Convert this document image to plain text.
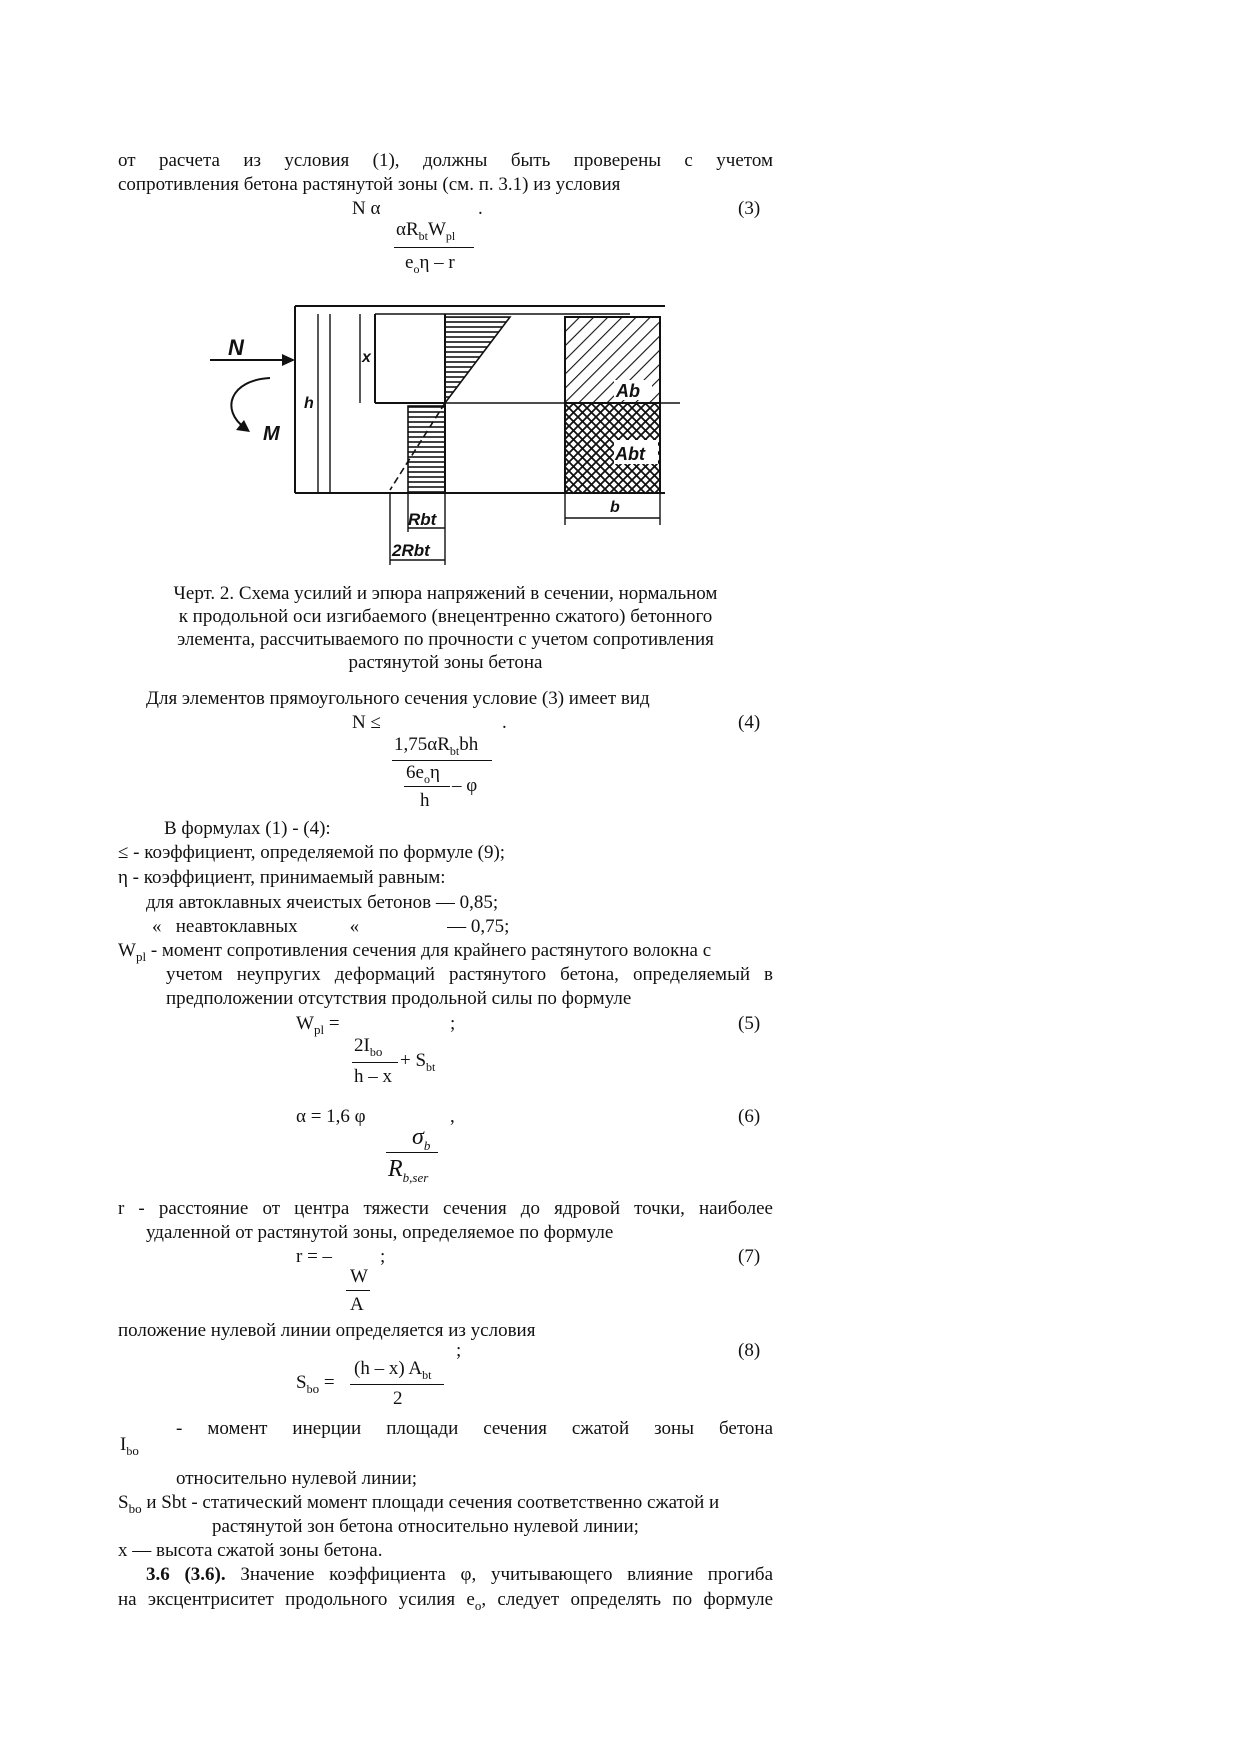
от расчета из условия (1), должны быть проверены с учетом
сопротивления бетона растянутой зоны (см. п. 3.1) из условия
N α	.
$\alpha R_{bt}W_{pl}$
$e_o\eta$ – r
(3)
N
M
h
x
Ab
Abt
b
Rbt
2Rbt
Черт. 2. Схема усилий и эпюра напряжений в сечении, нормальном
к продольной оси изгибаемого (внецентренно сжатого) бетонного
элемента, рассчитываемого по прочности с учетом сопротивления
растянутой зоны бетона
Для элементов прямоугольного сечения условие (3) имеет вид
N ≤	.
$1,75\alpha R_{bt}bh$
$6e_o\eta$
– φ
h
(4)
В формулах (1) - (4):
≤ - коэффициент, определяемой по формуле (9);
η - коэффициент, принимаемый равным:
для автоклавных ячеистых бетонов — 0,85;
« неавтоклавных	«	— 0,75;
$W_{pl}$ - момент сопротивления сечения для крайнего растянутого волокна с
учетом неупругих деформаций растянутого бетона, определяемый в
предположении отсутствия продольной силы по формуле
$W_{pl}$ =	;
$2I_{bo} + S_{bt}$
h – x
(5)
α = 1,6 φ	,
$\sigma_b$
$R_{b,ser}$
(6)
r - расстояние от центра тяжести сечения до ядровой точки, наиболее
удаленной от растянутой зоны, определяемое по формуле
r = –	;
W
A
(7)
положение нулевой линии определяется из условия
;
(h – x) $A_{bt}$
$S_{bo}$ =
2
(8)
- момент инерции площади сечения сжатой зоны бетона
$I_{bo}$
относительно нулевой линии;
$S_{bo}$ и Sbt - статический момент площади сечения соответственно сжатой и
растянутой зон бетона относительно нулевой линии;
x — высота сжатой зоны бетона.
3.6 (3.6). Значение коэффициента φ, учитывающего влияние прогиба
на эксцентриситет продольного усилия $e_o$, следует определять по формуле
